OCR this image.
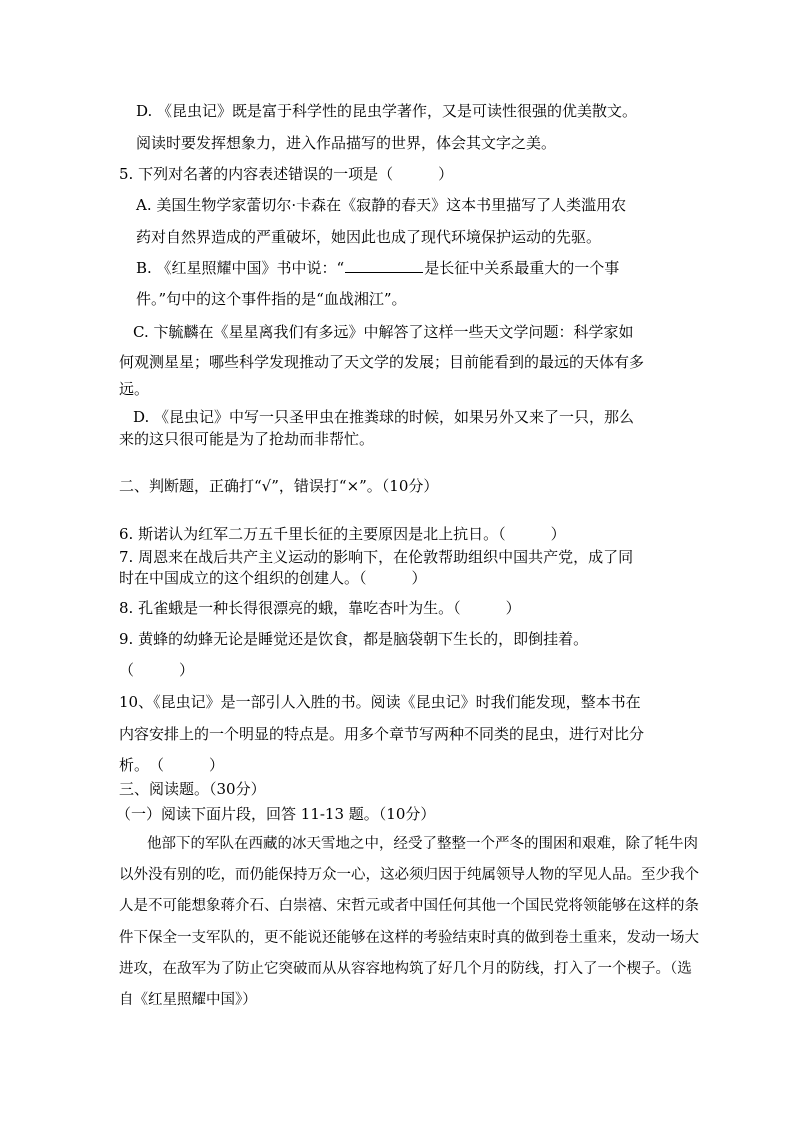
D. 《昆虫记》既是富于科学性的昆虫学著作，又是可读性很强的优美散文。
阅读时要发挥想象力，进入作品描写的世界，体会其文字之美。
5. 下列对名著的内容表述错误的一项是（　　　）
A. 美国生物学家蕾切尔·卡森在《寂静的春天》这本书里描写了人类滥用农
药对自然界造成的严重破坏，她因此也成了现代环境保护运动的先驱。
B. 《红星照耀中国》书中说：“	是长征中关系最重大的一个事
件。”句中的这个事件指的是“血战湘江”。
C. 卞毓麟在《星星离我们有多远》中解答了这样一些天文学问题：科学家如
何观测星星；哪些科学发现推动了天文学的发展；目前能看到的最远的天体有多
远。
D. 《昆虫记》中写一只圣甲虫在推粪球的时候，如果另外又来了一只，那么
来的这只很可能是为了抢劫而非帮忙。
二、判断题，正确打“√”，错误打“×”。（10分）
6. 斯诺认为红军二万五千里长征的主要原因是北上抗日。（　　　）
7. 周恩来在战后共产主义运动的影响下，在伦敦帮助组织中国共产党，成了同
时在中国成立的这个组织的创建人。（　　　）
8. 孔雀蛾是一种长得很漂亮的蛾，靠吃杏叶为生。（　　　）
9. 黄蜂的幼蜂无论是睡觉还是饮食，都是脑袋朝下生长的，即倒挂着。
（　　　）
10、《昆虫记》是一部引人入胜的书。阅读《昆虫记》时我们能发现，整本书在
内容安排上的一个明显的特点是。用多个章节写两种不同类的昆虫，进行对比分
析。　（　　　）
三、阅读题。（30分）
（一）阅读下面片段，回答 11-13 题。（10分）
他部下的军队在西藏的冰天雪地之中，经受了整整一个严冬的围困和艰难，除了牦牛肉
以外没有别的吃，而仍能保持万众一心，这必须归因于纯属领导人物的罕见人品。至少我个
人是不可能想象蒋介石、白崇禧、宋哲元或者中国任何其他一个国民党将领能够在这样的条
件下保全一支军队的，更不能说还能够在这样的考验结束时真的做到卷土重来，发动一场大
进攻，在敌军为了防止它突破而从从容容地构筑了好几个月的防线，打入了一个楔子。（选
自《红星照耀中国》）
